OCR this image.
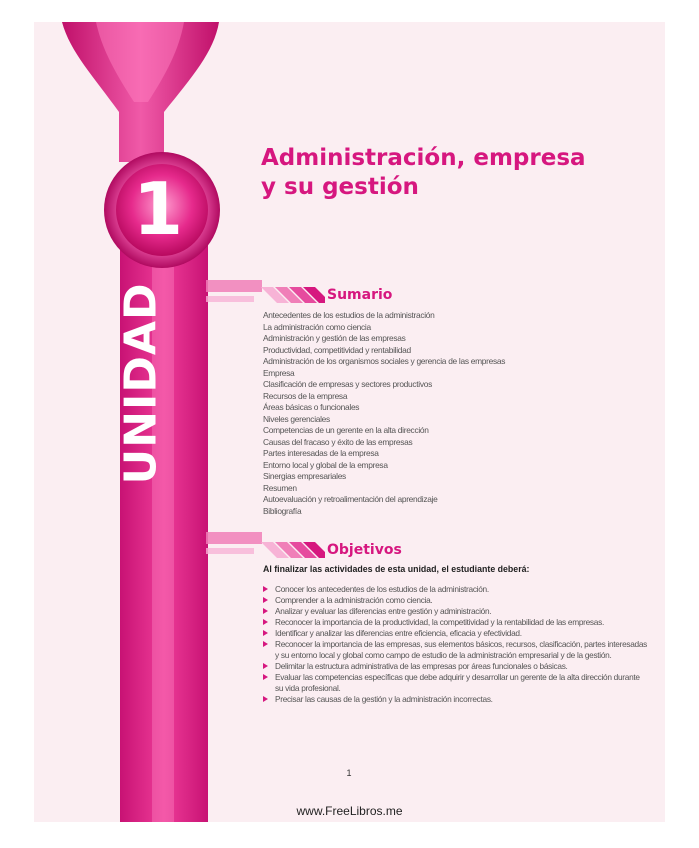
1
UNIDAD
Administración, empresa
y su gestión
Sumario
Antecedentes de los estudios de la administración
La administración como ciencia
Administración y gestión de las empresas
Productividad, competitividad y rentabilidad
Administración de los organismos sociales y gerencia de las empresas
Empresa
Clasificación de empresas y sectores productivos
Recursos de la empresa
Áreas básicas o funcionales
Niveles gerenciales
Competencias de un gerente en la alta dirección
Causas del fracaso y éxito de las empresas
Partes interesadas de la empresa
Entorno local y global de la empresa
Sinergias empresariales
Resumen
Autoevaluación y retroalimentación del aprendizaje
Bibliografía
Objetivos

Al finalizar las actividades de esta unidad, el estudiante deberá:

Conocer los antecedentes de los estudios de la administración.
Comprender a la administración como ciencia.
Analizar y evaluar las diferencias entre gestión y administración.
Reconocer la importancia de la productividad, la competitividad y la rentabilidad de las empresas.
Identificar y analizar las diferencias entre eficiencia, eficacia y efectividad.
Reconocer la importancia de las empresas, sus elementos básicos, recursos, clasificación, partes interesadas y su entorno local y global como campo de estudio de la administración empresarial y de la gestión.
Delimitar la estructura administrativa de las empresas por áreas funcionales o básicas.
Evaluar las competencias específicas que debe adquirir y desarrollar un gerente de la alta dirección durante su vida profesional.
Precisar las causas de la gestión y la administración incorrectas.
1
www.FreeLibros.me
